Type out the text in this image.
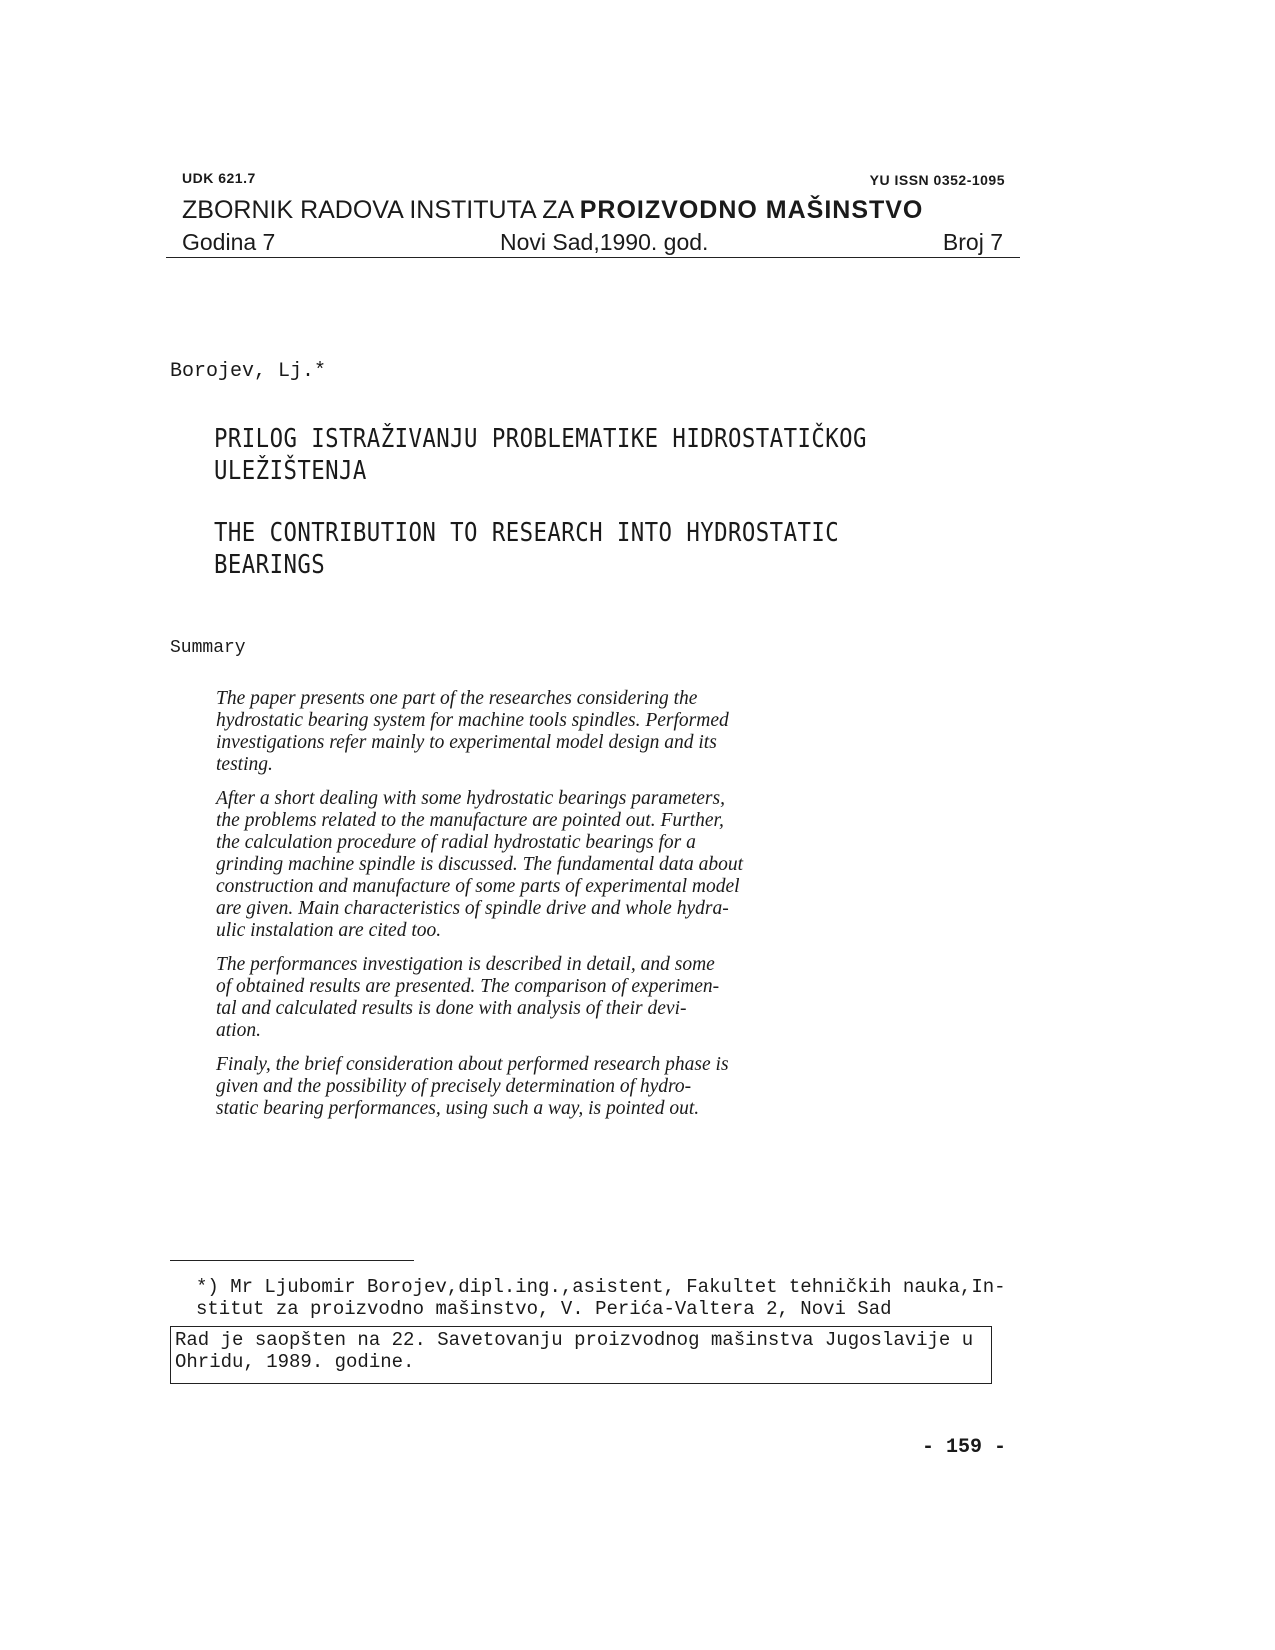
UDK 621.7	YU ISSN 0352-1095
ZBORNIK RADOVA INSTITUTA ZA PROIZVODNO MAŠINSTVO
Godina 7	Novi Sad,1990. god.	Broj 7
Borojev, Lj.*
PRILOG ISTRAŽIVANJU PROBLEMATIKE HIDROSTATIČKOG
ULEŽIŠTENJA
THE CONTRIBUTION TO RESEARCH INTO HYDROSTATIC
BEARINGS
Summary

The paper presents one part of the researches considering the
hydrostatic bearing system for machine tools spindles. Performed
investigations refer mainly to experimental model design and its
testing.

After a short dealing with some hydrostatic bearings parameters,
the problems related to the manufacture are pointed out. Further,
the calculation procedure of radial hydrostatic bearings for a
grinding machine spindle is discussed. The fundamental data about
construction and manufacture of some parts of experimental model
are given. Main characteristics of spindle drive and whole hydra-
ulic instalation are cited too.

The performances investigation is described in detail, and some
of obtained results are presented. The comparison of experimen-
tal and calculated results is done with analysis of their devi-
ation.

Finaly, the brief consideration about performed research phase is
given and the possibility of precisely determination of hydro-
static bearing performances, using such a way, is pointed out.

*) Mr Ljubomir Borojev,dipl.ing.,asistent, Fakultet tehničkih nauka,In-
stitut za proizvodno mašinstvo, V. Perića-Valtera 2, Novi Sad
Rad je saopšten na 22. Savetovanju proizvodnog mašinstva Jugoslavije u
Ohridu, 1989. godine.
- 159 -
